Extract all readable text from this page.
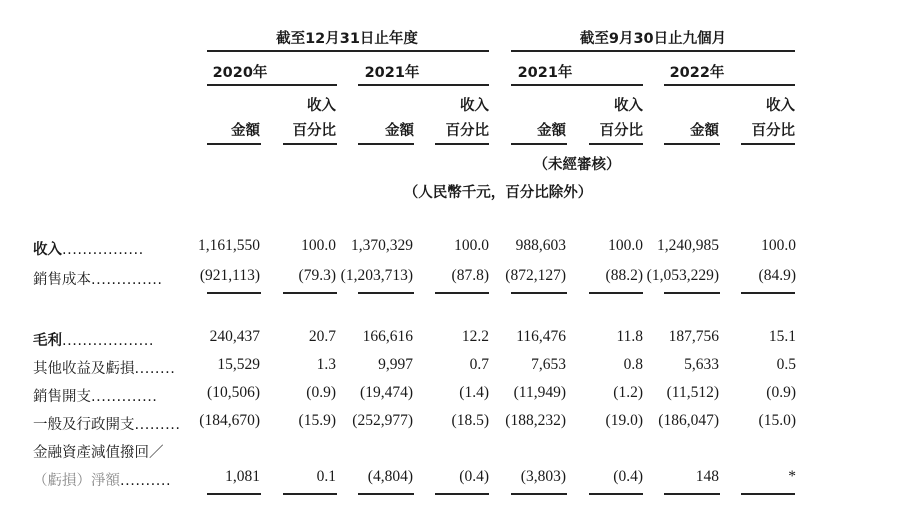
截至12月31日止年度	截至9月30日止九個月
2020年	2021年	2021年	2022年
收入	收入	收入	收入
金額 百分比	金額 百分比	金額 百分比	金額 百分比
（未經審核）
（人民幣千元，百分比除外）
收入................	1,161,550	100.0 1,370,329	100.0 988,603	100.0 1,240,985	100.0
銷售成本.............. (921,113) (79.3) (1,203,713) (87.8) (872,127)	(88.2) (1,053,229)	(84.9)
毛利..................	240,437	20.7 166,616	12.2 116,476	11.8 187,756	15.1
其他收益及虧損........	15,529	1.3	9,997	0.7	7,653	0.8	5,633	0.5
銷售開支.............	(10,506)	(0.9) (19,474)	(1.4) (11,949)	(1.2) (11,512)	(0.9)
一般及行政開支......... (184,670) (15.9) (252,977) (18.5) (188,232)	(19.0) (186,047)	(15.0)
金融資產減值撥回／
（虧損）淨額..........	1,081	0.1 (4,804)	(0.4) (3,803)	(0.4)	148	*
